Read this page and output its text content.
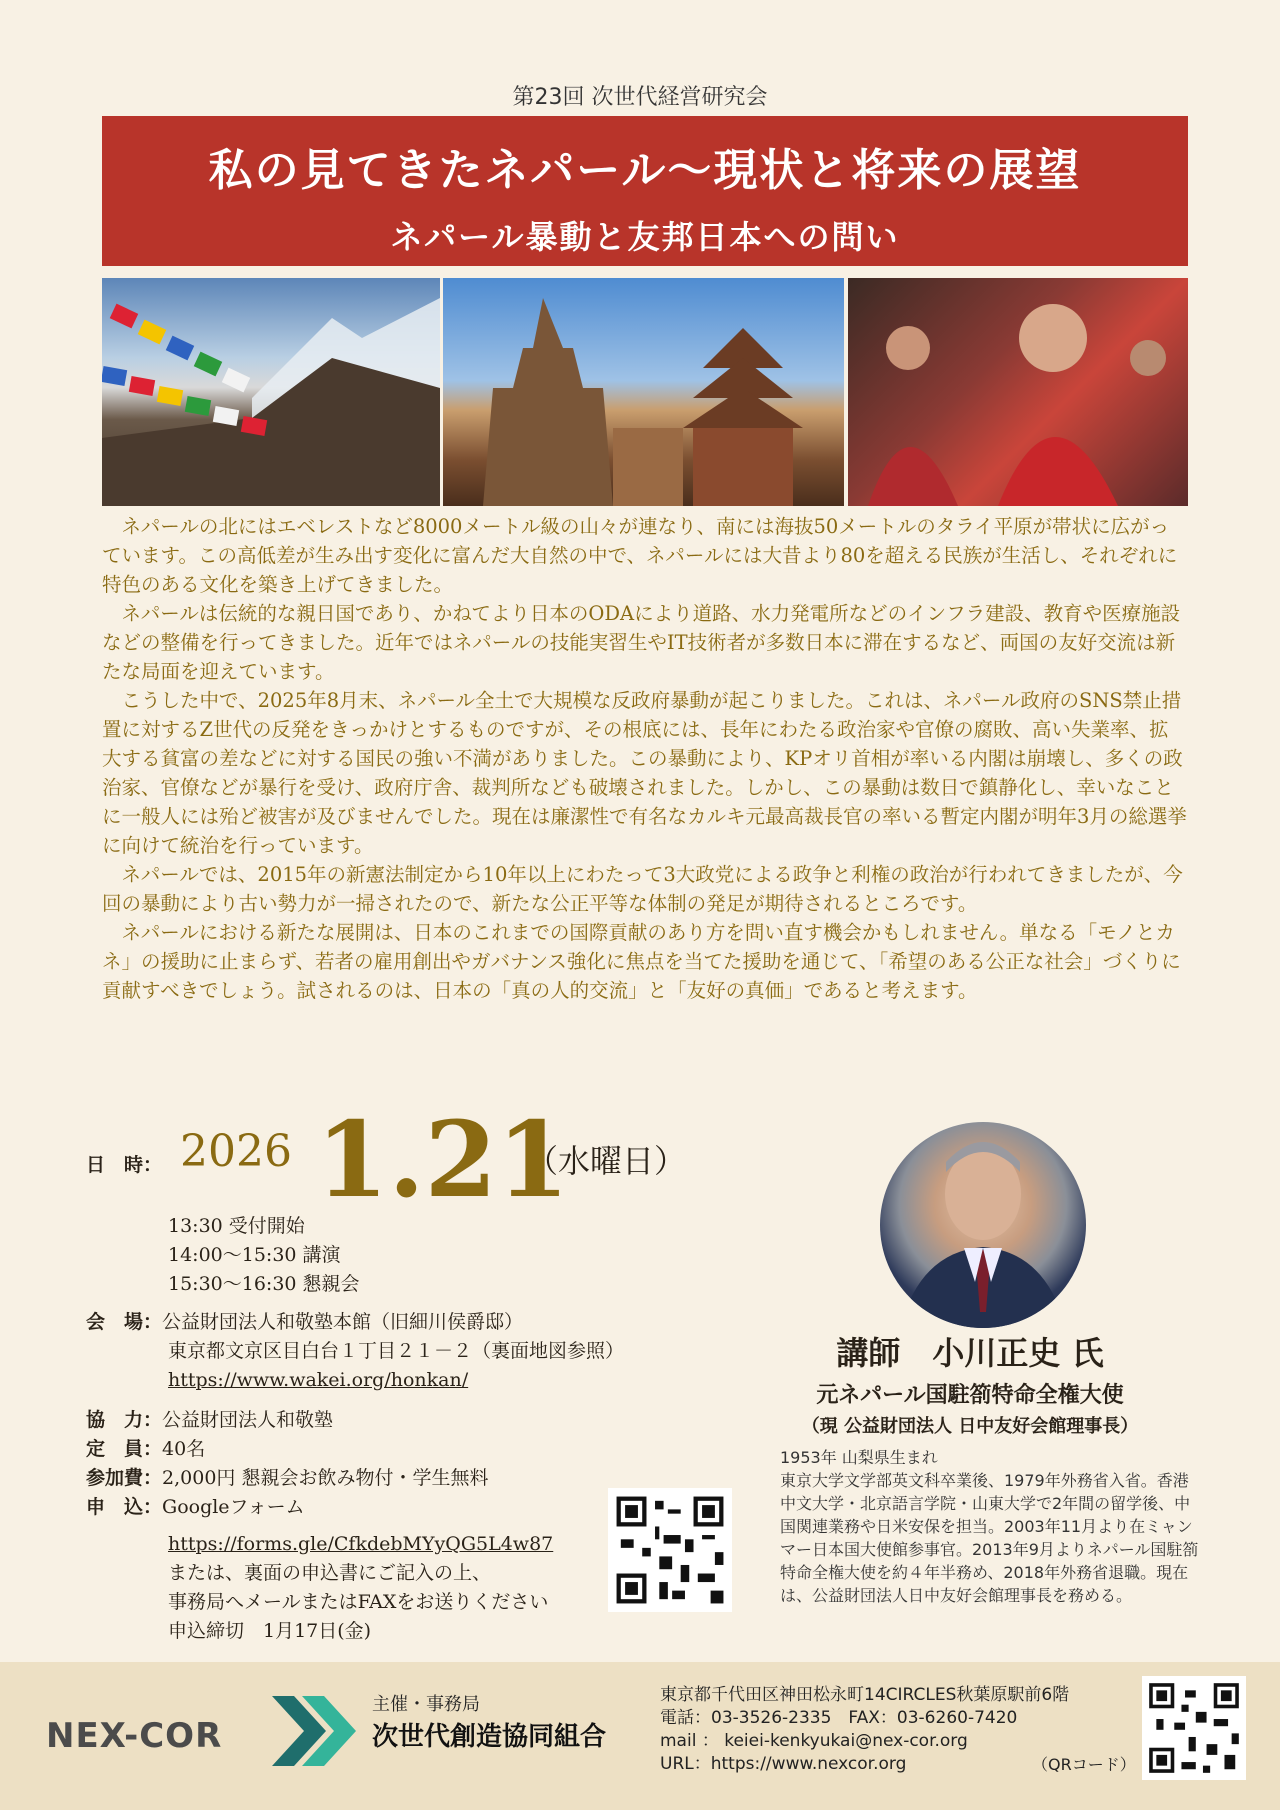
第23回 次世代経営研究会
私の見てきたネパール〜現状と将来の展望
ネパール暴動と友邦日本への問い

ネパールの北にはエベレストなど8000メートル級の山々が連なり、南には海抜50メートルのタライ平原が帯状に広がっています。この高低差が生み出す変化に富んだ大自然の中で、ネパールには大昔より80を超える民族が生活し、それぞれに特色のある文化を築き上げてきました。

ネパールは伝統的な親日国であり、かねてより日本のODAにより道路、水力発電所などのインフラ建設、教育や医療施設などの整備を行ってきました。近年ではネパールの技能実習生やIT技術者が多数日本に滞在するなど、両国の友好交流は新たな局面を迎えています。

こうした中で、2025年8月末、ネパール全土で大規模な反政府暴動が起こりました。これは、ネパール政府のSNS禁止措置に対するZ世代の反発をきっかけとするものですが、その根底には、長年にわたる政治家や官僚の腐敗、高い失業率、拡大する貧富の差などに対する国民の強い不満がありました。この暴動により、KPオリ首相が率いる内閣は崩壊し、多くの政治家、官僚などが暴行を受け、政府庁舎、裁判所なども破壊されました。しかし、この暴動は数日で鎮静化し、幸いなことに一般人には殆ど被害が及びませんでした。現在は廉潔性で有名なカルキ元最高裁長官の率いる暫定内閣が明年3月の総選挙に向けて統治を行っています。

ネパールでは、2015年の新憲法制定から10年以上にわたって3大政党による政争と利権の政治が行われてきましたが、今回の暴動により古い勢力が一掃されたので、新たな公正平等な体制の発足が期待されるところです。

ネパールにおける新たな展開は、日本のこれまでの国際貢献のあり方を問い直す機会かもしれません。単なる「モノとカネ」の援助に止まらず、若者の雇用創出やガバナンス強化に焦点を当てた援助を通じて、「希望のある公正な社会」づくりに貢献すべきでしょう。試されるのは、日本の「真の人的交流」と「友好の真価」であると考えます。

日　時： 2026 1.21
（水曜日）
13:30 受付開始
14:00〜15:30 講演
15:30〜16:30 懇親会
会　場：公益財団法人和敬塾本館（旧細川侯爵邸）
東京都文京区目白台１丁目２１－２（裏面地図参照）
https://www.wakei.org/honkan/
協　力：公益財団法人和敬塾
定　員：40名
参加費：2,000円 懇親会お飲み物付・学生無料
申　込：Googleフォーム
https://forms.gle/CfkdebMYyQG5L4w87
または、裏面の申込書にご記入の上、
事務局へメールまたはFAXをお送りください
申込締切　1月17日(金)
講師　小川正史 氏
元ネパール国駐箚特命全権大使
（現 公益財団法人 日中友好会館理事長）
1953年 山梨県生まれ
東京大学文学部英文科卒業後、1979年外務省入省。香港中文大学・北京語言学院・山東大学で2年間の留学後、中国関連業務や日米安保を担当。2003年11月より在ミャンマー日本国大使館参事官。2013年9月よりネパール国駐箚特命全権大使を約４年半務め、2018年外務省退職。現在は、公益財団法人日中友好会館理事長を務める。
NEX-COR
主催・事務局
次世代創造協同組合
東京都千代田区神田松永町14CIRCLES秋葉原駅前6階
電話：03-3526-2335　FAX：03-6260-7420
mail ： keiei-kenkyukai@nex-cor.org
URL：https://www.nexcor.org	（QRコード）
